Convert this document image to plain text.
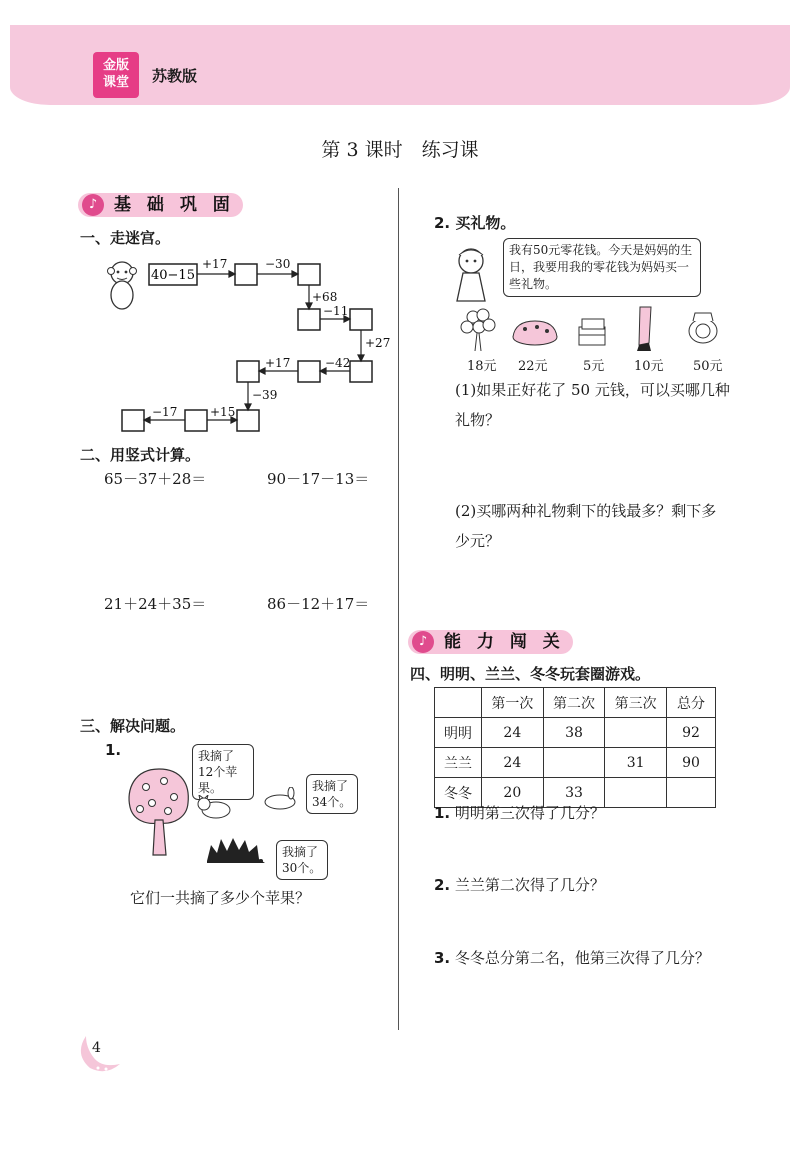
金版
课堂	苏教版
第 3 课时　练习课
♪ 基 础 巩 固
一、走迷宫。
40−15
+17	−30
+68
−11
+27
−42
+17
−39
+15
−17
二、用竖式计算。
65－37＋28＝	90－17－13＝
21＋24＋35＝	86－12＋17＝
三、解决问题。
1.	我摘了12个苹果。	我摘了34个。
我摘了30个。
它们一共摘了多少个苹果？
2. 买礼物。
我有50元零花钱。今天是妈妈的生日，我要用我的零花钱为妈妈买一些礼物。
18元 22元	5元 10元 50元
(1)如果正好花了 50 元钱，可以买哪几种礼物？
(2)买哪两种礼物剩下的钱最多？剩下多少元？
♪ 能 力 闯 关
四、明明、兰兰、冬冬玩套圈游戏。
	第一次	第二次	第三次	总分
明明	24	38		92
兰兰	24		31	90
冬冬	20	33		
1. 明明第三次得了几分？
2. 兰兰第二次得了几分？
3. 冬冬总分第二名，他第三次得了几分？
4
